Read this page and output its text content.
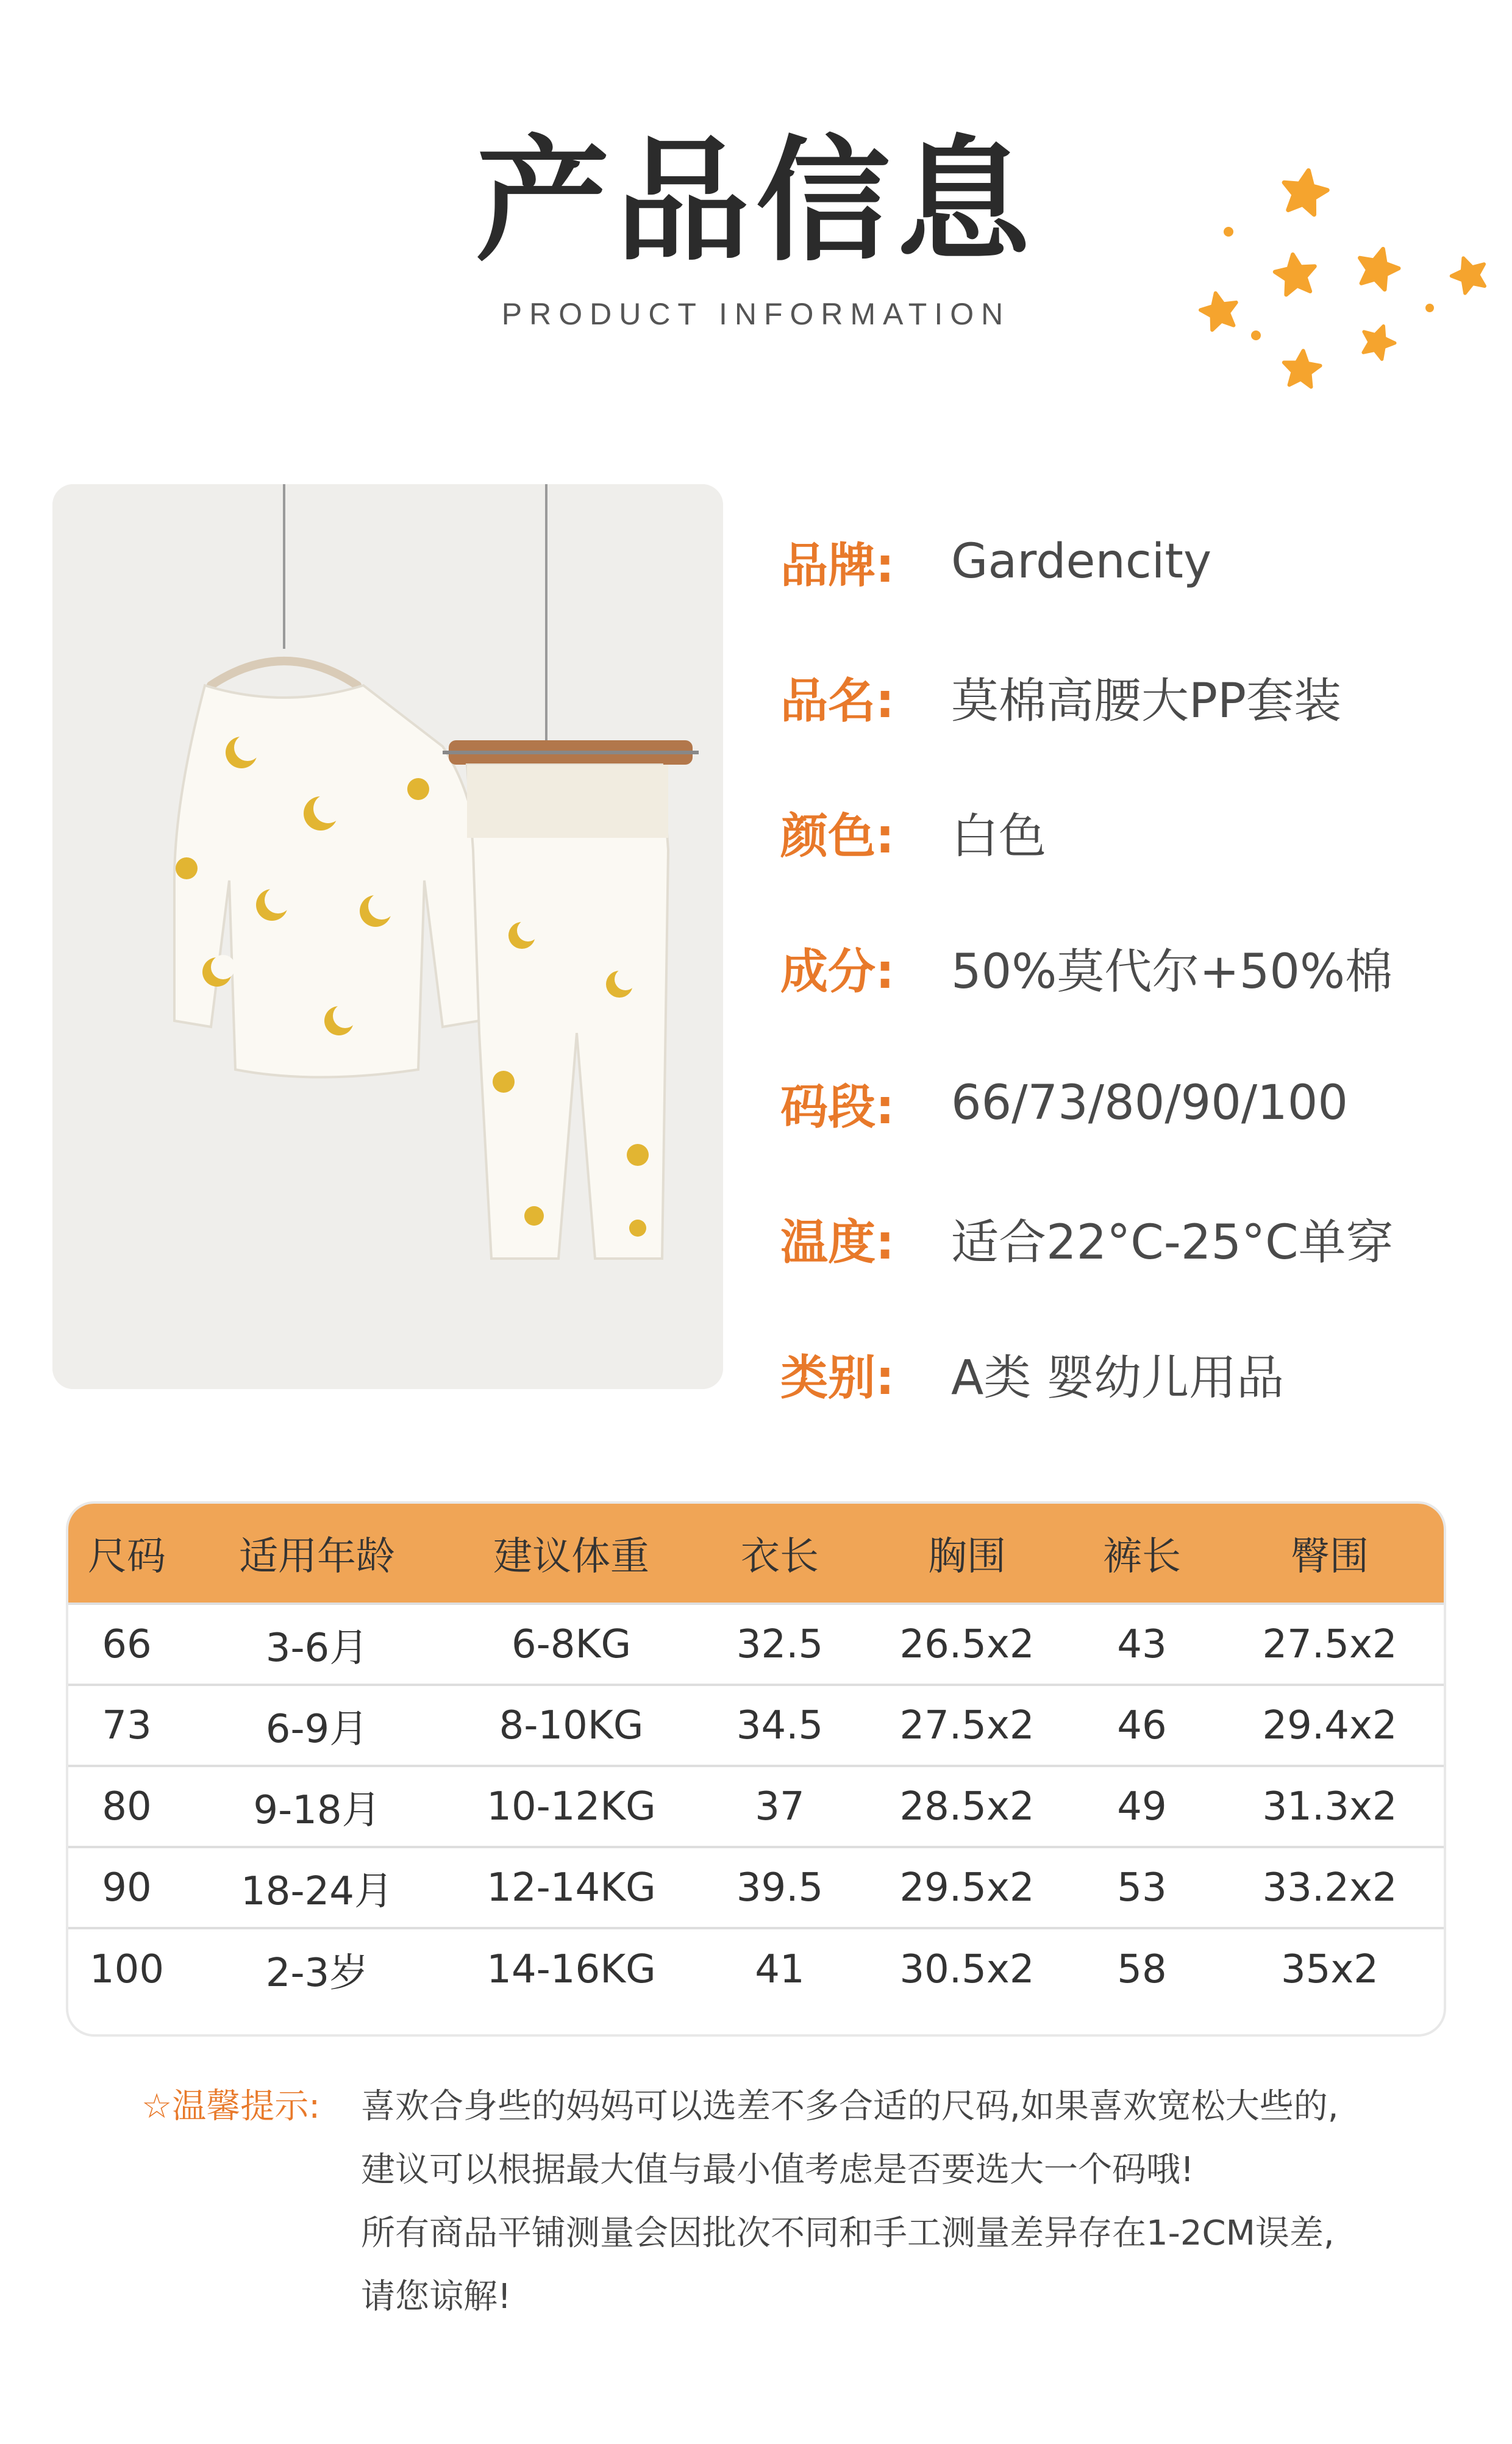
产品信息
PRODUCT INFORMATION
品牌:	Gardencity
品名:	莫棉高腰大PP套装
颜色:	白色
成分:	50%莫代尔+50%棉
码段:	66/73/80/90/100
温度:	适合22°C-25°C单穿
类别:	A类 婴幼儿用品
尺码	适用年龄	建议体重	衣长	胸围	裤长	臀围
66	3-6月	6-8KG	32.5	26.5x2	43	27.5x2
73	6-9月	8-10KG	34.5	27.5x2	46	29.4x2
80	9-18月	10-12KG	37	28.5x2	49	31.3x2
90	18-24月	12-14KG	39.5	29.5x2	53	33.2x2
100	2-3岁	14-16KG	41	30.5x2	58	35x2
☆温馨提示: 喜欢合身些的妈妈可以选差不多合适的尺码,如果喜欢宽松大些的,
建议可以根据最大值与最小值考虑是否要选大一个码哦!
所有商品平铺测量会因批次不同和手工测量差异存在1-2CM误差,
请您谅解!
